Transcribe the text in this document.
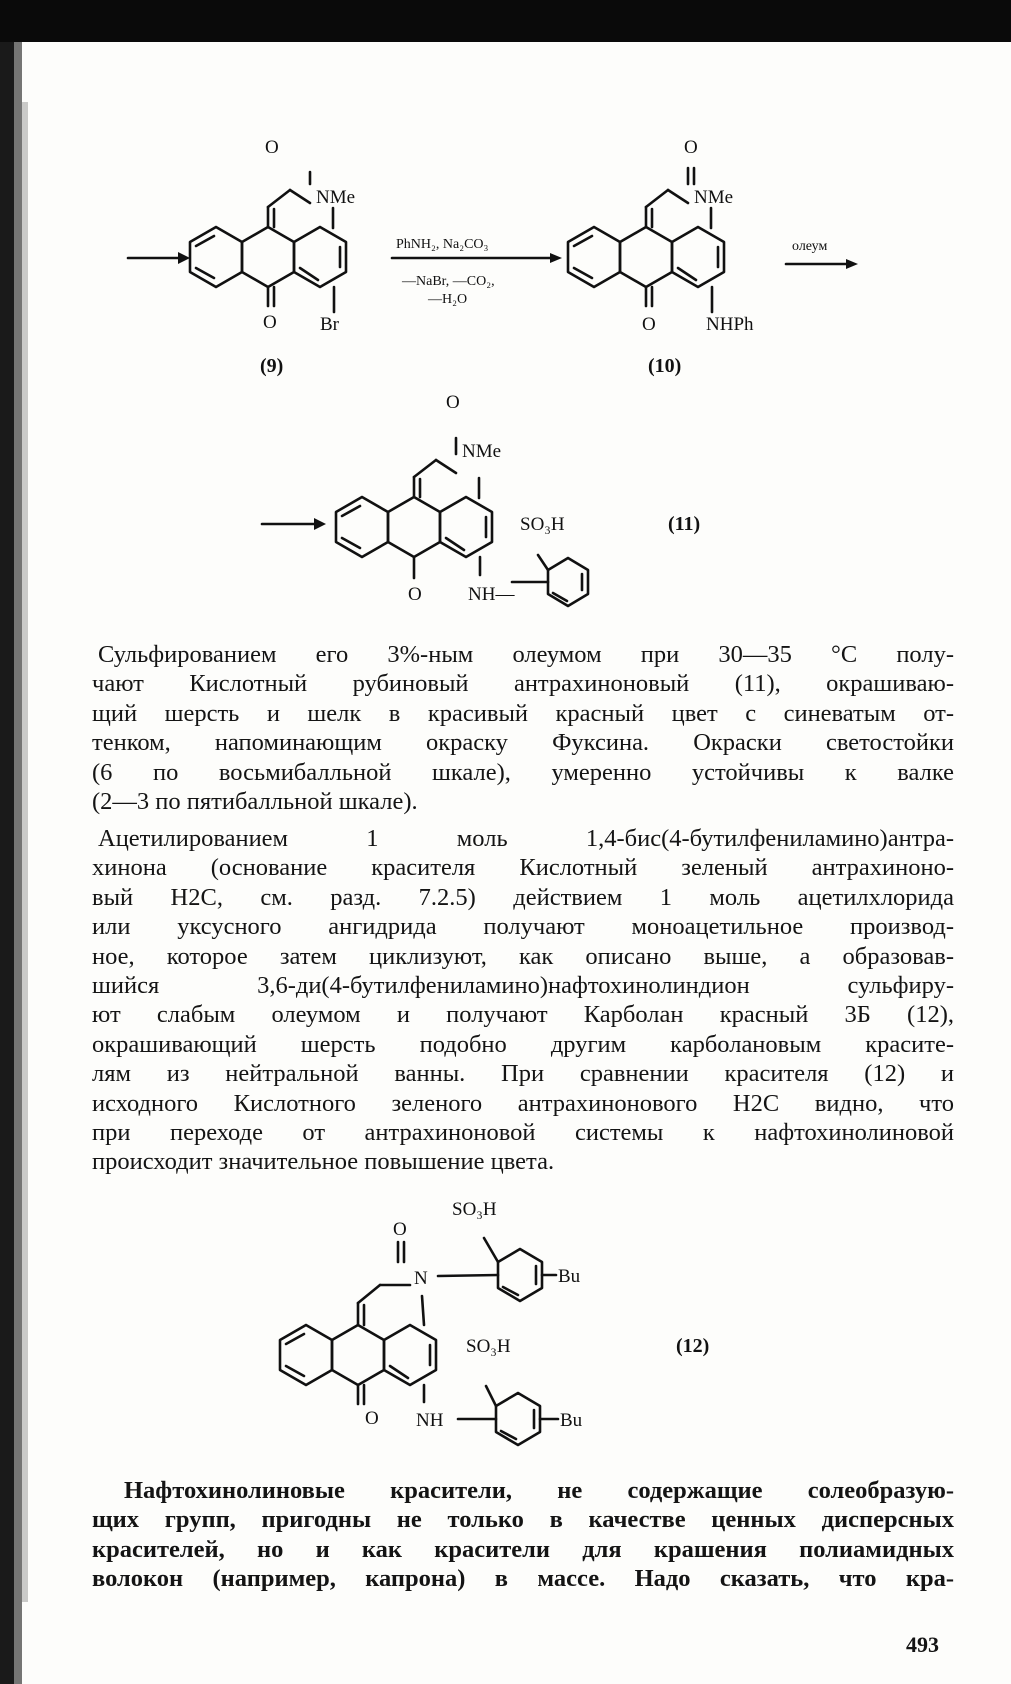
O
NMe
O Br
(9)
PhNH₂, Na₂CO₃
—NaBr, —CO₂,
—H₂O
O
NMe
O	NHPh
(10)
олеум
O
NMe
SO₃H
O NH—
(11)
SO₃H
O
N	Bu
SO₃H
O NH	Bu
(12)
Сульфированием его 3%-ным олеумом при 30—35 °С полу-
чают Кислотный рубиновый антрахиноновый (11), окрашиваю-
щий шерсть и шелк в красивый красный цвет с синеватым от-
тенком, напоминающим окраску Фуксина. Окраски светостойки
(6 по восьмибалльной шкале), умеренно устойчивы к валке
(2—3 по пятибалльной шкале).
Ацетилированием 1 моль 1,4-бис(4-бутилфениламино)антра-
хинона (основание красителя Кислотный зеленый антрахиноно-
вый Н2С, см. разд. 7.2.5) действием 1 моль ацетилхлорида
или уксусного ангидрида получают моноацетильное производ-
ное, которое затем циклизуют, как описано выше, а образовав-
шийся 3,6-ди(4-бутилфениламино)нафтохинолиндион сульфиру-
ют слабым олеумом и получают Карболан красный 3Б (12),
окрашивающий шерсть подобно другим карболановым красите-
лям из нейтральной ванны. При сравнении красителя (12) и
исходного Кислотного зеленого антрахинонового Н2С видно, что
при переходе от антрахиноновой системы к нафтохинолиновой
происходит значительное повышение цвета.
Нафтохинолиновые красители, не содержащие солеобразую-
щих групп, пригодны не только в качестве ценных дисперсных
красителей, но и как красители для крашения полиамидных
волокон (например, капрона) в массе. Надо сказать, что кра-
493
